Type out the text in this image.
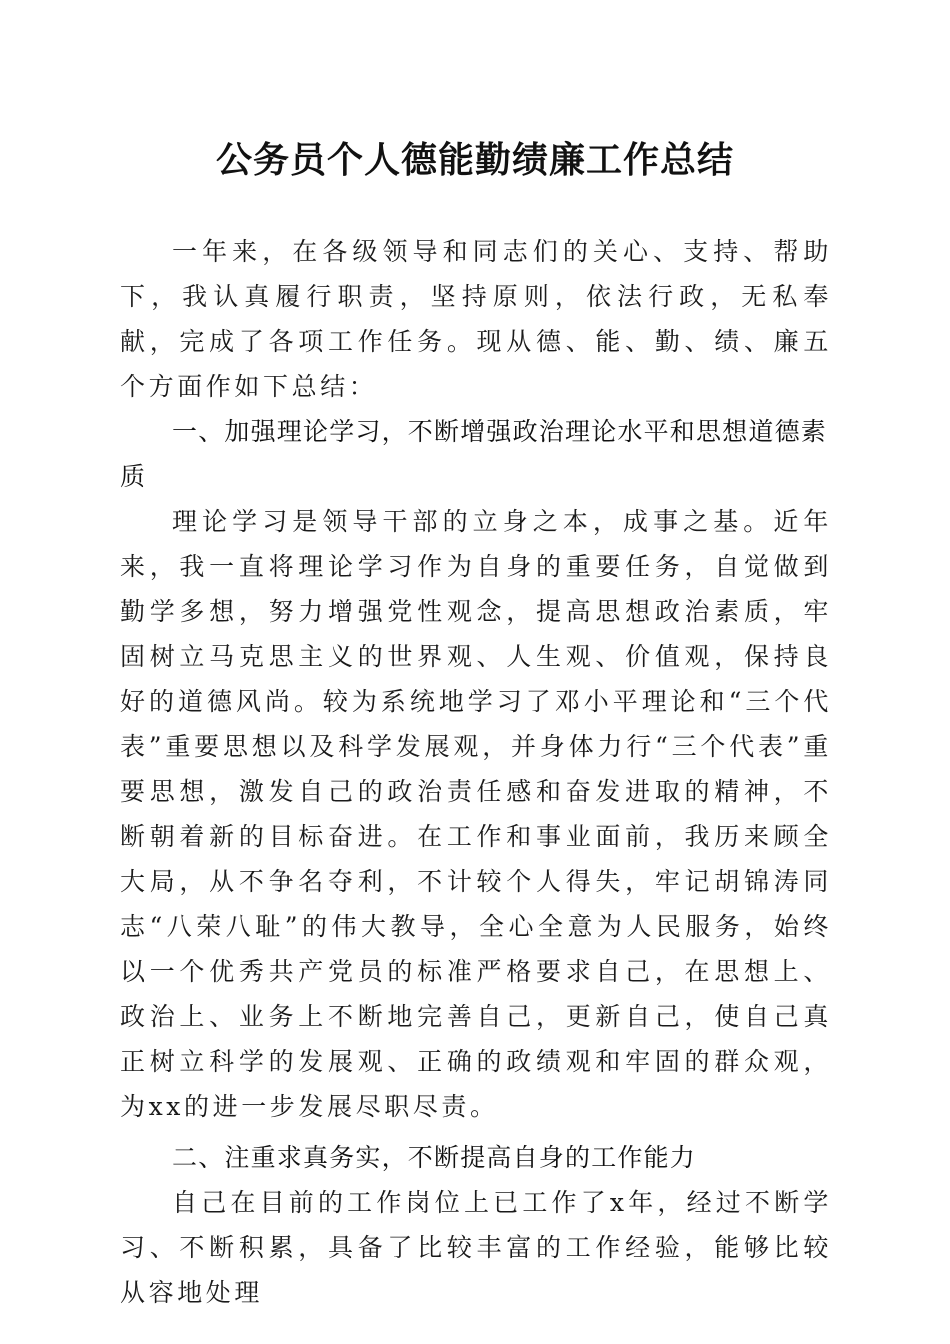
公务员个人德能勤绩廉工作总结

一年来，在各级领导和同志们的关心、支持、帮助下，我认真履行职责，坚持原则，依法行政，无私奉献，完成了各项工作任务。现从德、能、勤、绩、廉五个方面作如下总结：

一、加强理论学习，不断增强政治理论水平和思想道德素质

理论学习是领导干部的立身之本，成事之基。近年来，我一直将理论学习作为自身的重要任务，自觉做到勤学多想，努力增强党性观念，提高思想政治素质，牢固树立马克思主义的世界观、人生观、价值观，保持良好的道德风尚。较为系统地学习了邓小平理论和“三个代表”重要思想以及科学发展观，并身体力行“三个代表”重要思想，激发自己的政治责任感和奋发进取的精神，不断朝着新的目标奋进。在工作和事业面前，我历来顾全大局，从不争名夺利，不计较个人得失，牢记胡锦涛同志“八荣八耻”的伟大教导，全心全意为人民服务，始终以一个优秀共产党员的标准严格要求自己，在思想上、政治上、业务上不断地完善自己，更新自己，使自己真正树立科学的发展观、正确的政绩观和牢固的群众观，为xx的进一步发展尽职尽责。

二、注重求真务实，不断提高自身的工作能力

自己在目前的工作岗位上已工作了x年，经过不断学习、不断积累，具备了比较丰富的工作经验，能够比较从容地处理
